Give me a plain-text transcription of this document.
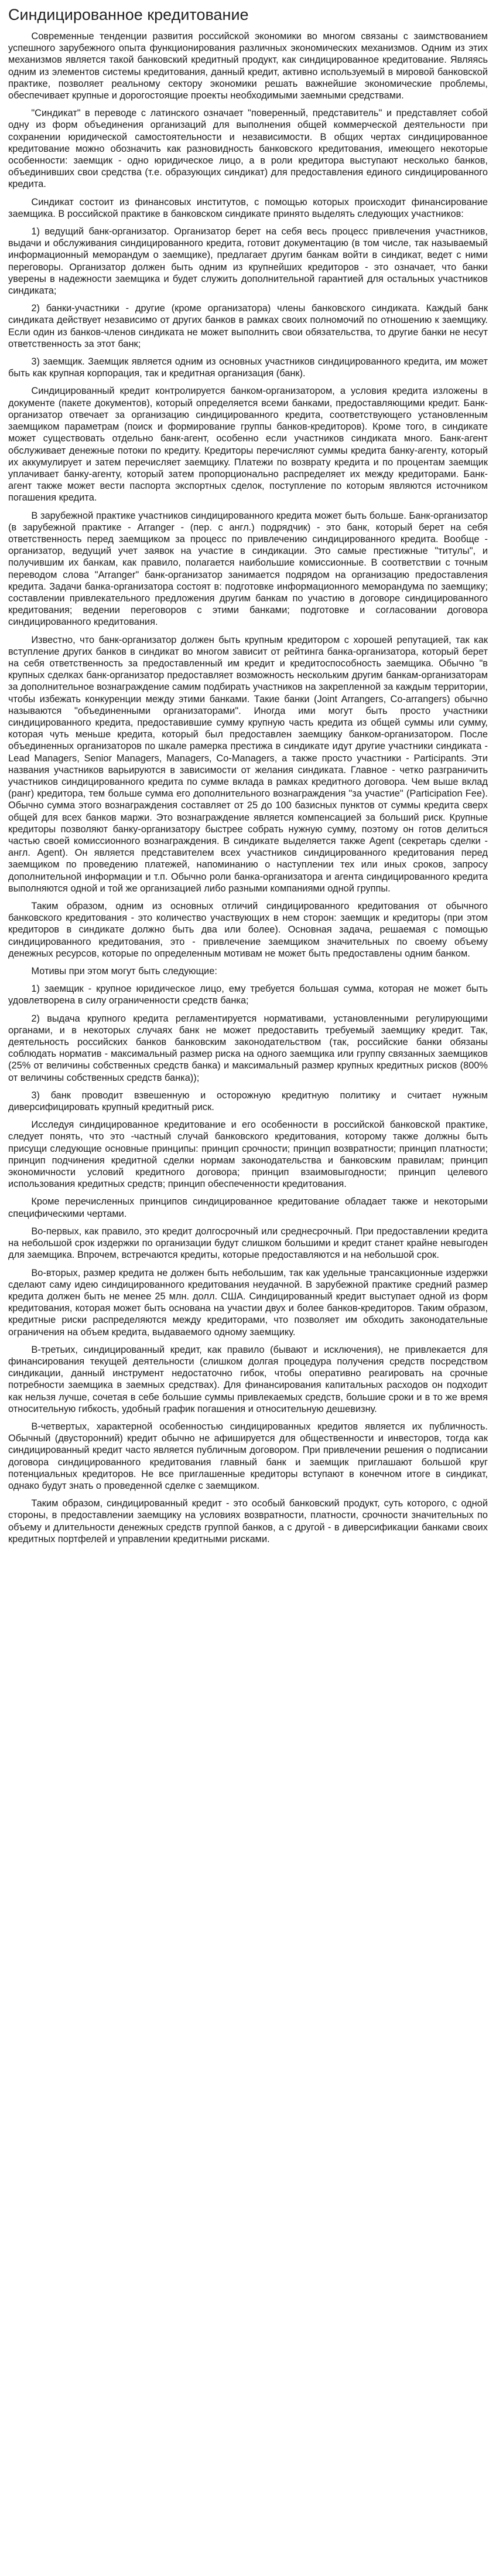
Синдицированное кредитование

Современные тенденции развития российской экономики во многом связаны с заимствованием успешного зарубежного опыта функционирования различных экономических механизмов. Одним из этих механизмов является такой банковский кредитный продукт, как синдицированное кредитование. Являясь одним из элементов системы кредитования, данный кредит, активно используемый в мировой банковской практике, позволяет реальному сектору экономики решать важнейшие экономические проблемы, обеспечивает крупные и дорогостоящие проекты необходимыми заемными средствами.

"Синдикат" в переводе с латинского означает "поверенный, представитель" и представляет собой одну из форм объединения организаций для выполнения общей коммерческой деятельности при сохранении юридической самостоятельности и независимости. В общих чертах синдицированное кредитование можно обозначить как разновидность банковского кредитования, имеющего некоторые особенности: заемщик - одно юридическое лицо, а в роли кредитора выступают несколько банков, объединивших свои средства (т.е. образующих синдикат) для предоставления единого синдицированного кредита.

Синдикат состоит из финансовых институтов, с помощью которых происходит финансирование заемщика. В российской практике в банковском синдикате принято выделять следующих участников:

1) ведущий банк-организатор. Организатор берет на себя весь процесс привлечения участников, выдачи и обслуживания синдицированного кредита, готовит документацию (в том числе, так называемый информационный меморандум о заемщике), предлагает другим банкам войти в синдикат, ведет с ними переговоры. Организатор должен быть одним из крупнейших кредиторов - это означает, что банки уверены в надежности заемщика и будет служить дополнительной гарантией для остальных участников синдиката;

2) банки-участники - другие (кроме организатора) члены банковского синдиката. Каждый банк синдиката действует независимо от других банков в рамках своих полномочий по отношению к заемщику. Если один из банков-членов синдиката не может выполнить свои обязательства, то другие банки не несут ответственность за этот банк;

3) заемщик. Заемщик является одним из основных участников синдицированного кредита, им может быть как крупная корпорация, так и кредитная организация (банк).

Синдицированный кредит контролируется банком-организатором, а условия кредита изложены в документе (пакете документов), который определяется всеми банками, предоставляющими кредит. Банк-организатор отвечает за организацию синдицированного кредита, соответствующего установленным заемщиком параметрам (поиск и формирование группы банков-кредиторов). Кроме того, в синдикате может существовать отдельно банк-агент, особенно если участников синдиката много. Банк-агент обслуживает денежные потоки по кредиту. Кредиторы перечисляют суммы кредита банку-агенту, который их аккумулирует и затем перечисляет заемщику. Платежи по возврату кредита и по процентам заемщик уплачивает банку-агенту, который затем пропорционально распределяет их между кредиторами. Банк-агент также может вести паспорта экспортных сделок, поступление по которым являются источником погашения кредита.

В зарубежной практике участников синдицированного кредита может быть больше. Банк-организатор (в зарубежной практике - Arranger - (пер. с англ.) подрядчик) - это банк, который берет на себя ответственность перед заемщиком за процесс по привлечению синдицированного кредита. Вообще - организатор, ведущий учет заявок на участие в синдикации. Это самые престижные "титулы", и получившим их банкам, как правило, полагается наибольшие комиссионные. В соответствии с точным переводом слова "Arranger" банк-организатор занимается подрядом на организацию предоставления кредита. Задачи банка-организатора состоят в: подготовке информационного меморандума по заемщику; составлении привлекательного предложения другим банкам по участию в договоре синдицированного кредитования; ведении переговоров с этими банками; подготовке и согласовании договора синдицированного кредитования.

Известно, что банк-организатор должен быть крупным кредитором с хорошей репутацией, так как вступление других банков в синдикат во многом зависит от рейтинга банка-организатора, который берет на себя ответственность за предоставленный им кредит и кредитоспособность заемщика. Обычно "в крупных сделках банк-организатор предоставляет возможность нескольким другим банкам-организаторам за дополнительное вознаграждение самим подбирать участников на закрепленной за каждым территории, чтобы избежать конкуренции между этими банками. Такие банки (Joint Arrangers, Co-arrangers) обычно называются "объединенными организаторами". Иногда ими могут быть просто участники синдицированного кредита, предоставившие сумму крупную часть кредита из общей суммы или сумму, которая чуть меньше кредита, который был предоставлен заемщику банком-организатором. После объединенных организаторов по шкале рамерка престижа в синдикате идут другие участники синдиката - Lead Managers, Senior Managers, Managers, Co-Managers, а также просто участники - Participants. Эти названия участников варьируются в зависимости от желания синдиката. Главное - четко разграничить участников синдицированного кредита по сумме вклада в рамках кредитного договора. Чем выше вклад (ранг) кредитора, тем больше сумма его дополнительного вознаграждения "за участие" (Participation Fee). Обычно сумма этого вознаграждения составляет от 25 до 100 базисных пунктов от суммы кредита сверх общей для всех банков маржи. Это вознаграждение является компенсацией за больший риск. Крупные кредиторы позволяют банку-организатору быстрее собрать нужную сумму, поэтому он готов делиться частью своей комиссионного вознаграждения. В синдикате выделяется также Agent (секретарь сделки - англ. Agent). Он является представителем всех участников синдицированного кредитования перед заемщиком по проведению платежей, напоминанию о наступлении тех или иных сроков, запросу дополнительной информации и т.п. Обычно роли банка-организатора и агента синдицированного кредита выполняются одной и той же организацией либо разными компаниями одной группы.

Таким образом, одним из основных отличий синдицированного кредитования от обычного банковского кредитования - это количество участвующих в нем сторон: заемщик и кредиторы (при этом кредиторов в синдикате должно быть два или более). Основная задача, решаемая с помощью синдицированного кредитования, это - привлечение заемщиком значительных по своему объему денежных ресурсов, которые по определенным мотивам не может быть предоставлены одним банком.

Мотивы при этом могут быть следующие:

1) заемщик - крупное юридическое лицо, ему требуется большая сумма, которая не может быть удовлетворена в силу ограниченности средств банка;

2) выдача крупного кредита регламентируется нормативами, установленными регулирующими органами, и в некоторых случаях банк не может предоставить требуемый заемщику кредит. Так, деятельность российских банков банковским законодательством (так, российские банки обязаны соблюдать норматив - максимальный размер риска на одного заемщика или группу связанных заемщиков (25% от величины собственных средств банка) и максимальный размер крупных кредитных рисков (800% от величины собственных средств банка));

3) банк проводит взвешенную и осторожную кредитную политику и считает нужным диверсифицировать крупный кредитный риск.

Исследуя синдицированное кредитование и его особенности в российской банковской практике, следует понять, что это -частный случай банковского кредитования, которому также должны быть присущи следующие основные принципы: принцип срочности; принцип возвратности; принцип платности; принцип подчинения кредитной сделки нормам законодательства и банковским правилам; принцип экономичности условий кредитного договора; принцип взаимовыгодности; принцип целевого использования кредитных средств; принцип обеспеченности кредитования.

Кроме перечисленных принципов синдицированное кредитование обладает также и некоторыми специфическими чертами.

Во-первых, как правило, это кредит долгосрочный или среднесрочный. При предоставлении кредита на небольшой срок издержки по организации будут слишком большими и кредит станет крайне невыгоден для заемщика. Впрочем, встречаются кредиты, которые предоставляются и на небольшой срок.

Во-вторых, размер кредита не должен быть небольшим, так как удельные трансакционные издержки сделают саму идею синдицированного кредитования неудачной. В зарубежной практике средний размер кредита должен быть не менее 25 млн. долл. США. Синдицированный кредит выступает одной из форм кредитования, которая может быть основана на участии двух и более банков-кредиторов. Таким образом, кредитные риски распределяются между кредиторами, что позволяет им обходить законодательные ограничения на объем кредита, выдаваемого одному заемщику.

В-третьих, синдицированный кредит, как правило (бывают и исключения), не привлекается для финансирования текущей деятельности (слишком долгая процедура получения средств посредством синдикации, данный инструмент недостаточно гибок, чтобы оперативно реагировать на срочные потребности заемщика в заемных средствах). Для финансирования капитальных расходов он подходит как нельзя лучше, сочетая в себе большие суммы привлекаемых средств, большие сроки и в то же время относительную гибкость, удобный график погашения и относительную дешевизну.

В-четвертых, характерной особенностью синдицированных кредитов является их публичность. Обычный (двусторонний) кредит обычно не афишируется для общественности и инвесторов, тогда как синдицированный кредит часто является публичным договором. При привлечении решения о подписании договора синдицированного кредитования главный банк и заемщик приглашают большой круг потенциальных кредиторов. Не все приглашенные кредиторы вступают в конечном итоге в синдикат, однако будут знать о проведенной сделке с заемщиком.

Таким образом, синдицированный кредит - это особый банковский продукт, суть которого, с одной стороны, в предоставлении заемщику на условиях возвратности, платности, срочности значительных по объему и длительности денежных средств группой банков, а с другой - в диверсификации банками своих кредитных портфелей и управлении кредитными рисками.
